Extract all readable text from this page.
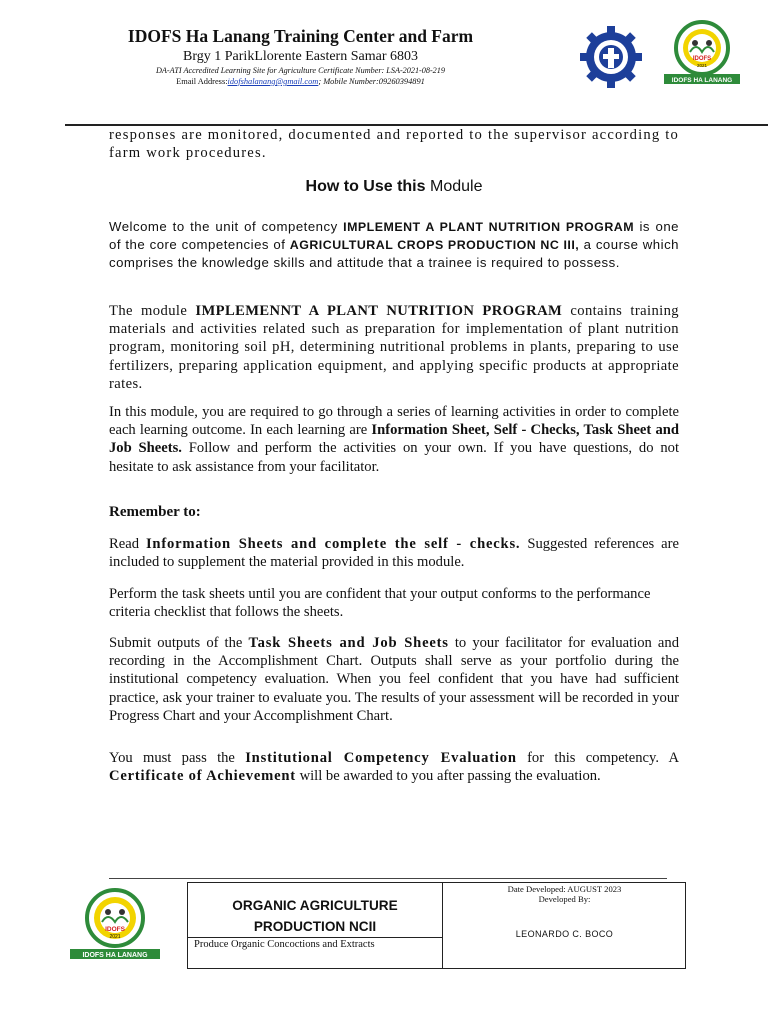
IDOFS Ha Lanang Training Center and Farm
Brgy 1 ParikLlorente Eastern Samar 6803
DA-ATI Accredited Learning Site for Agriculture Certificate Number: LSA-2021-08-219
Email Address:idofshalanang@gmail.com; Mobile Number:09260394891
IDOFS
2021
IDOFS HA LANANG
responses are monitored, documented and reported to the supervisor according to farm work procedures.
How to Use this Module
Welcome to the unit of competency IMPLEMENT A PLANT NUTRITION PROGRAM is one of the core competencies of AGRICULTURAL CROPS PRODUCTION NC III, a course which comprises the knowledge skills and attitude that a trainee is required to possess.
The module IMPLEMENNT A PLANT NUTRITION PROGRAM contains training materials and activities related such as preparation for implementation of plant nutrition program, monitoring soil pH, determining nutritional problems in plants, preparing to use fertilizers, preparing application equipment, and applying specific products at appropriate rates.
In this module, you are required to go through a series of learning activities in order to complete each learning outcome. In each learning are Information Sheet, Self - Checks, Task Sheet and Job Sheets. Follow and perform the activities on your own. If you have questions, do not hesitate to ask assistance from your facilitator.
Remember to:
Read Information Sheets and complete the self - checks. Suggested references are included to supplement the material provided in this module.
Perform the task sheets until you are confident that your output conforms to the performance criteria checklist that follows the sheets.
Submit outputs of the Task Sheets and Job Sheets to your facilitator for evaluation and recording in the Accomplishment Chart. Outputs shall serve as your portfolio during the institutional competency evaluation. When you feel confident that you have had sufficient practice, ask your trainer to evaluate you. The results of your assessment will be recorded in your Progress Chart and your Accomplishment Chart.
You must pass the Institutional Competency Evaluation for this competency. A Certificate of Achievement will be awarded to you after passing the evaluation.
IDOFS
2021
IDOFS HA LANANG
ORGANIC AGRICULTURE
PRODUCTION NCII
Produce Organic Concoctions and Extracts
Date Developed: AUGUST 2023
Developed By:
LEONARDO C. BOCO
